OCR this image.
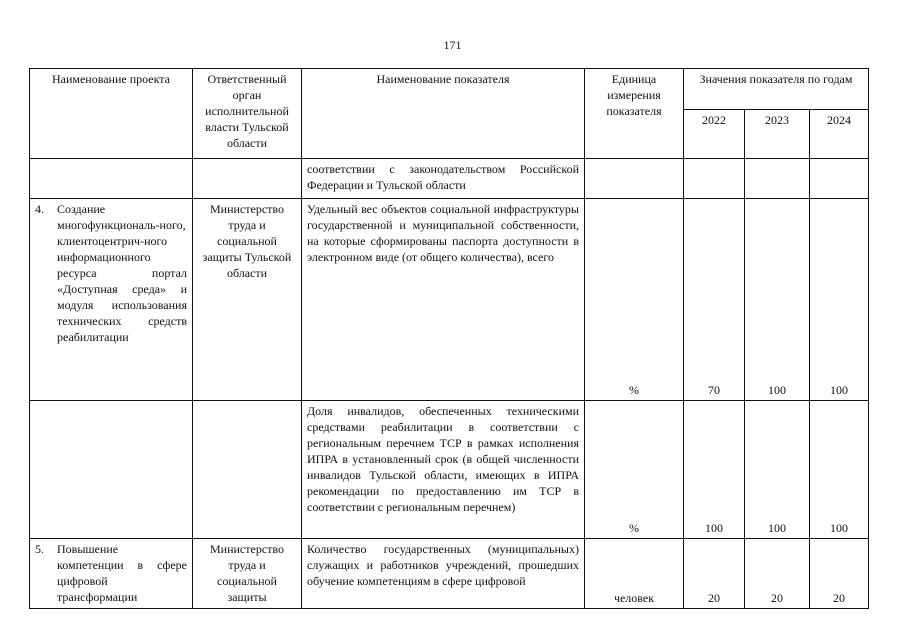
171
Наименование проекта	Ответственный орган исполнительной власти Тульской области	Наименование показателя	Единица измерения показателя	Значения показателя по годам		
				2022	2023	2024
		соответствии с законодательством Российской Федерации и Тульской области				

4. Создание многофункциональ-ного, клиентоцентрич-ного информационного ресурса портал «Доступная среда» и модуля использования технических средств реабилитации	Министерство труда и социальной защиты Тульской области	Удельный вес объектов социальной инфраструктуры государственной и муниципальной собственности, на которые сформированы паспорта доступности в электронном виде (от общего количества), всего	%	70	100	100
		Доля инвалидов, обеспеченных техническими средствами реабилитации в соответствии с региональным перечнем ТСР в рамках исполнения ИПРА в установленный срок (в общей численности инвалидов Тульской области, имеющих в ИПРА рекомендации по предоставлению им ТСР в соответствии с региональным перечнем)	%	100	100	100

5. Повышение компетенции в сфере цифровой трансформации	Министерство труда и социальной защиты	Количество государственных (муниципальных) служащих и работников учреждений, прошедших обучение компетенциям в сфере цифровой	человек	20	20	20
